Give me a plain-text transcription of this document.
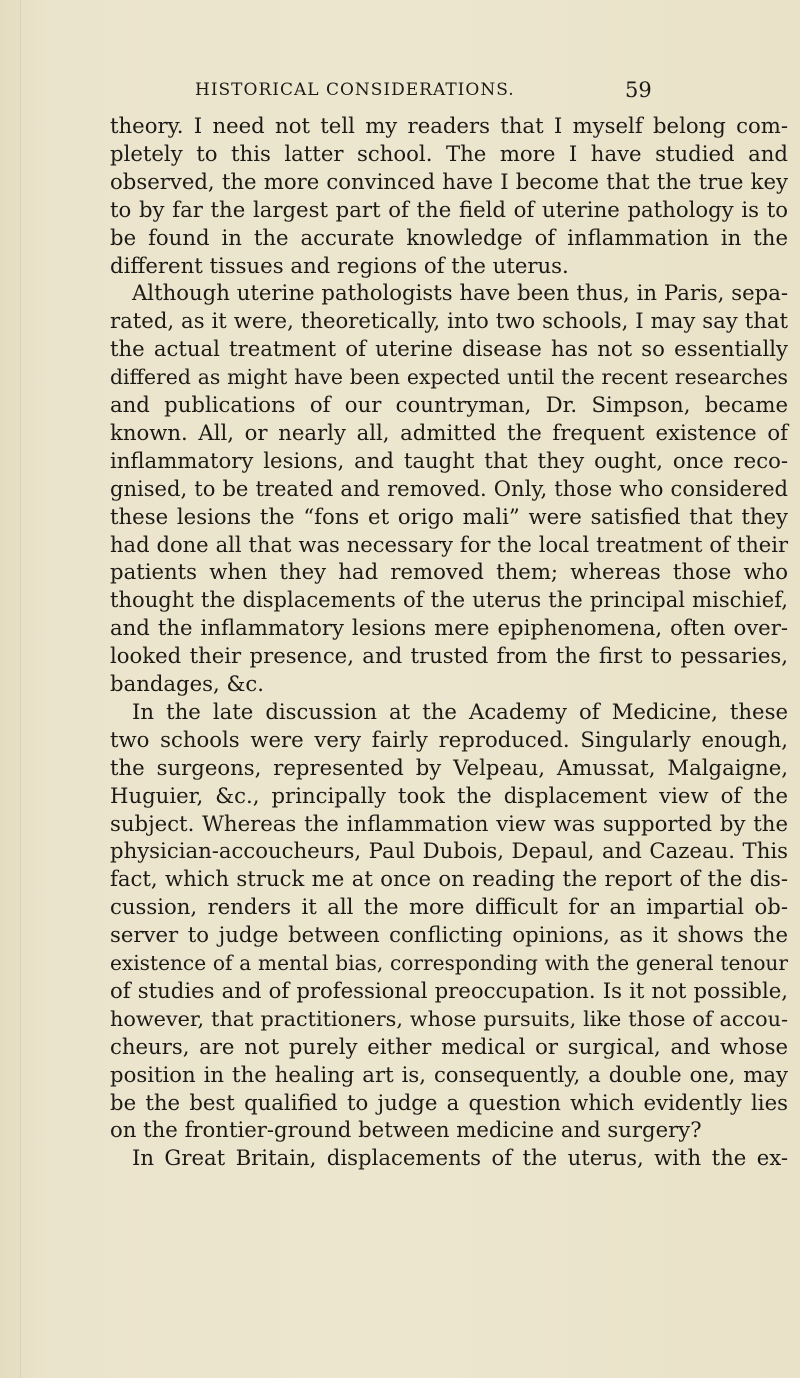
HISTORICAL CONSIDERATIONS.	59
theory. I need not tell my readers that I myself belong com-
pletely to this latter school. The more I have studied and
observed, the more convinced have I become that the true key
to by far the largest part of the field of uterine pathology is to
be found in the accurate knowledge of inflammation in the
different tissues and regions of the uterus.
Although uterine pathologists have been thus, in Paris, sepa-
rated, as it were, theoretically, into two schools, I may say that
the actual treatment of uterine disease has not so essentially
differed as might have been expected until the recent researches
and publications of our countryman, Dr. Simpson, became
known. All, or nearly all, admitted the frequent existence of
inflammatory lesions, and taught that they ought, once reco-
gnised, to be treated and removed. Only, those who considered
these lesions the “fons et origo mali” were satisfied that they
had done all that was necessary for the local treatment of their
patients when they had removed them; whereas those who
thought the displacements of the uterus the principal mischief,
and the inflammatory lesions mere epiphenomena, often over-
looked their presence, and trusted from the first to pessaries,
bandages, &c.
In the late discussion at the Academy of Medicine, these
two schools were very fairly reproduced. Singularly enough,
the surgeons, represented by Velpeau, Amussat, Malgaigne,
Huguier, &c., principally took the displacement view of the
subject. Whereas the inflammation view was supported by the
physician-accoucheurs, Paul Dubois, Depaul, and Cazeau. This
fact, which struck me at once on reading the report of the dis-
cussion, renders it all the more difficult for an impartial ob-
server to judge between conflicting opinions, as it shows the
existence of a mental bias, corresponding with the general tenour
of studies and of professional preoccupation. Is it not possible,
however, that practitioners, whose pursuits, like those of accou-
cheurs, are not purely either medical or surgical, and whose
position in the healing art is, consequently, a double one, may
be the best qualified to judge a question which evidently lies
on the frontier-ground between medicine and surgery?
In Great Britain, displacements of the uterus, with the ex-
